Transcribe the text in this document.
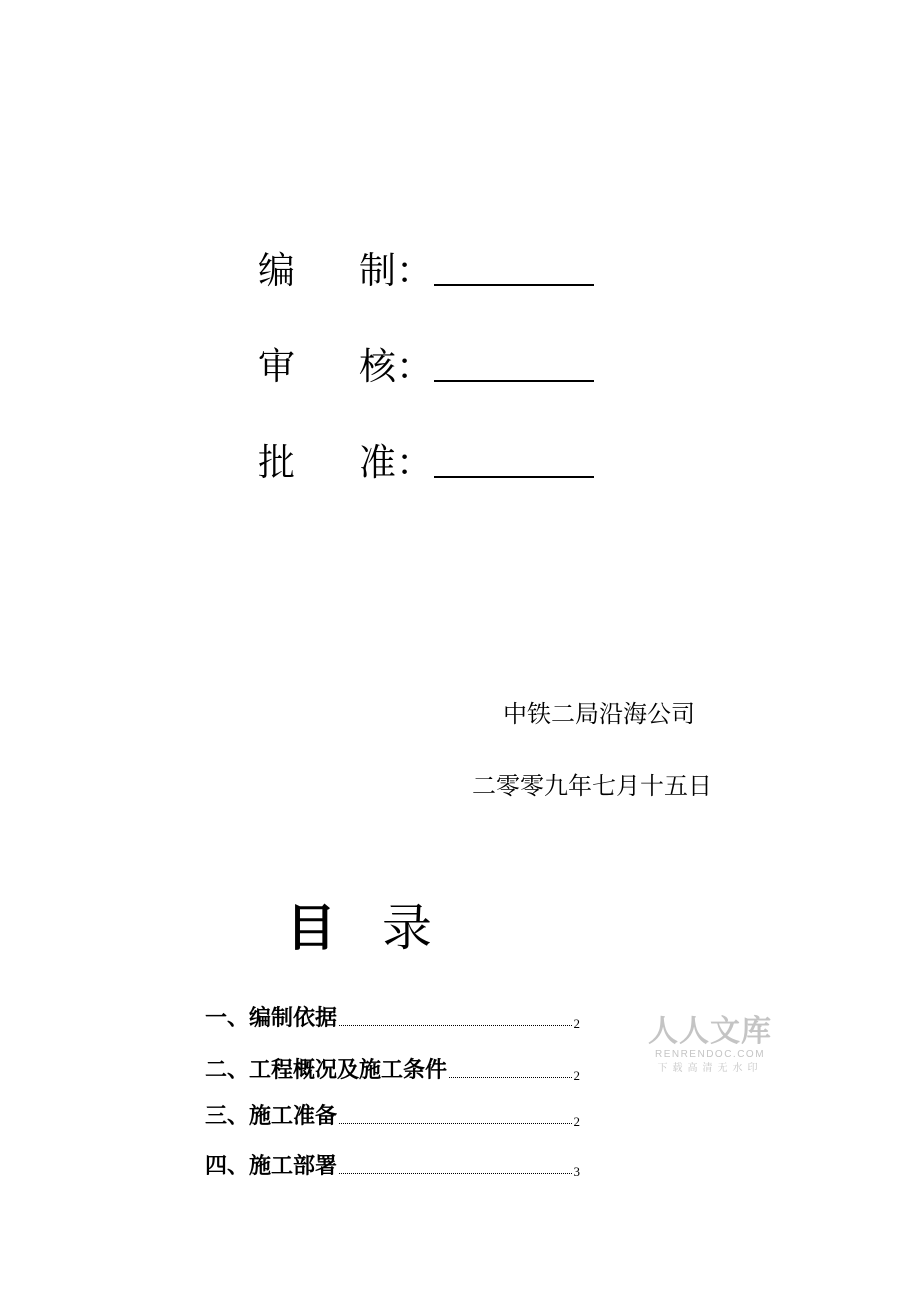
编	制 ：
审	核 ：
批	准 ：
中铁二局沿海公司
二零零九年七月十五日
目 录
一、编制依据	2
二、工程概况及施工条件	2
三、施工准备	2
四、施工部署	3
人人文库
RENRENDOC.COM
下载高清无水印
